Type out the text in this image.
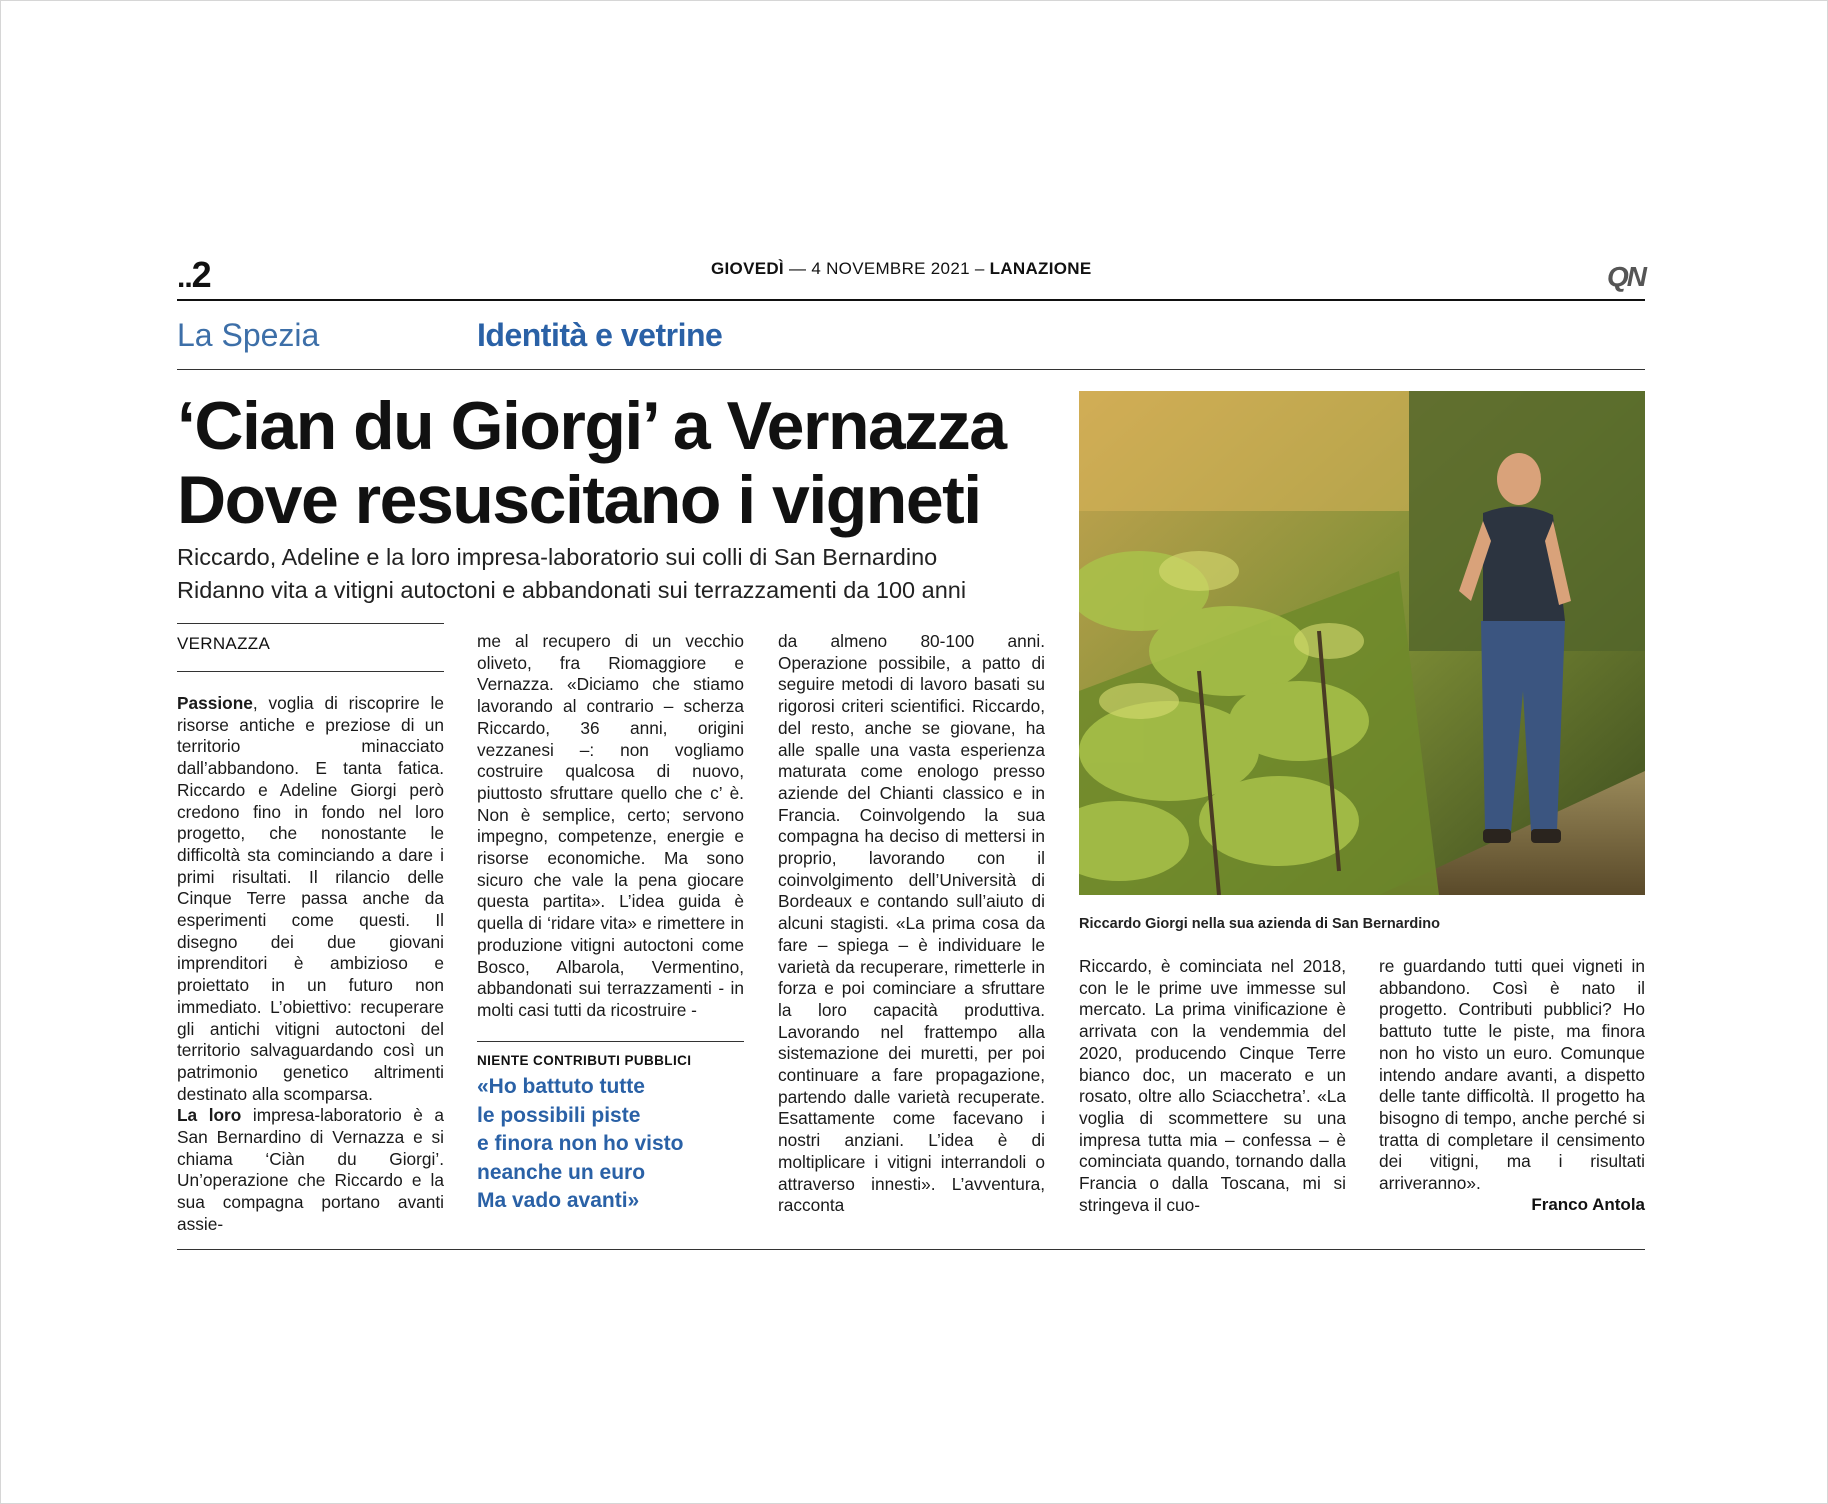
..2	GIOVEDÌ — 4 NOVEMBRE 2021 – LANAZIONE	QN
La Spezia	Identità e vetrine
‘Cian du Giorgi’ a Vernazza
Dove resuscitano i vigneti
Riccardo, Adeline e la loro impresa-laboratorio sui colli di San Bernardino
Ridanno vita a vitigni autoctoni e abbandonati sui terrazzamenti da 100 anni
Riccardo Giorgi nella sua azienda di San Bernardino
VERNAZZA

Passione, voglia di riscoprire le risorse antiche e preziose di un territorio minacciato dall’abbandono. E tanta fatica. Riccardo e Adeline Giorgi però credono fino in fondo nel loro progetto, che nonostante le difficoltà sta cominciando a dare i primi risultati. Il rilancio delle Cinque Terre passa anche da esperimenti come questi. Il disegno dei due giovani imprenditori è ambizioso e proiettato in un futuro non immediato. L’obiettivo: recuperare gli antichi vitigni autoctoni del territorio salvaguardando così un patrimonio genetico altrimenti destinato alla scomparsa.

La loro impresa-laboratorio è a San Bernardino di Vernazza e si chiama ‘Ciàn du Giorgi’. Un’operazione che Riccardo e la sua compagna portano avanti assie-

me al recupero di un vecchio oliveto, fra Riomaggiore e Vernazza. «Diciamo che stiamo lavorando al contrario – scherza Riccardo, 36 anni, origini vezzanesi –: non vogliamo costruire qualcosa di nuovo, piuttosto sfruttare quello che c’ è. Non è semplice, certo; servono impegno, competenze, energie e risorse economiche. Ma sono sicuro che vale la pena giocare questa partita». L’idea guida è quella di ‘ridare vita» e rimettere in produzione vitigni autoctoni come Bosco, Albarola, Vermentino, abbandonati sui terrazzamenti - in molti casi tutti da ricostruire -

NIENTE CONTRIBUTI PUBBLICI
«Ho battuto tutte
le possibili piste
e finora non ho visto
neanche un euro
Ma vado avanti»

da almeno 80-100 anni. Operazione possibile, a patto di seguire metodi di lavoro basati su rigorosi criteri scientifici. Riccardo, del resto, anche se giovane, ha alle spalle una vasta esperienza maturata come enologo presso aziende del Chianti classico e in Francia. Coinvolgendo la sua compagna ha deciso di mettersi in proprio, lavorando con il coinvolgimento dell’Università di Bordeaux e contando sull’aiuto di alcuni stagisti. «La prima cosa da fare – spiega – è individuare le varietà da recuperare, rimetterle in forza e poi cominciare a sfruttare la loro capacità produttiva. Lavorando nel frattempo alla sistemazione dei muretti, per poi continuare a fare propagazione, partendo dalle varietà recuperate. Esattamente come facevano i nostri anziani. L’idea è di moltiplicare i vitigni interrandoli o attraverso innesti». L’avventura, racconta

Riccardo, è cominciata nel 2018, con le le prime uve immesse sul mercato. La prima vinificazione è arrivata con la vendemmia del 2020, producendo Cinque Terre bianco doc, un macerato e un rosato, oltre allo Sciacchetra’. «La voglia di scommettere su una impresa tutta mia – confessa – è cominciata quando, tornando dalla Francia o dalla Toscana, mi si stringeva il cuo-

re guardando tutti quei vigneti in abbandono. Così è nato il progetto. Contributi pubblici? Ho battuto tutte le piste, ma finora non ho visto un euro. Comunque intendo andare avanti, a dispetto delle tante difficoltà. Il progetto ha bisogno di tempo, anche perché si tratta di completare il censimento dei vitigni, ma i risultati arriveranno».

Franco Antola
